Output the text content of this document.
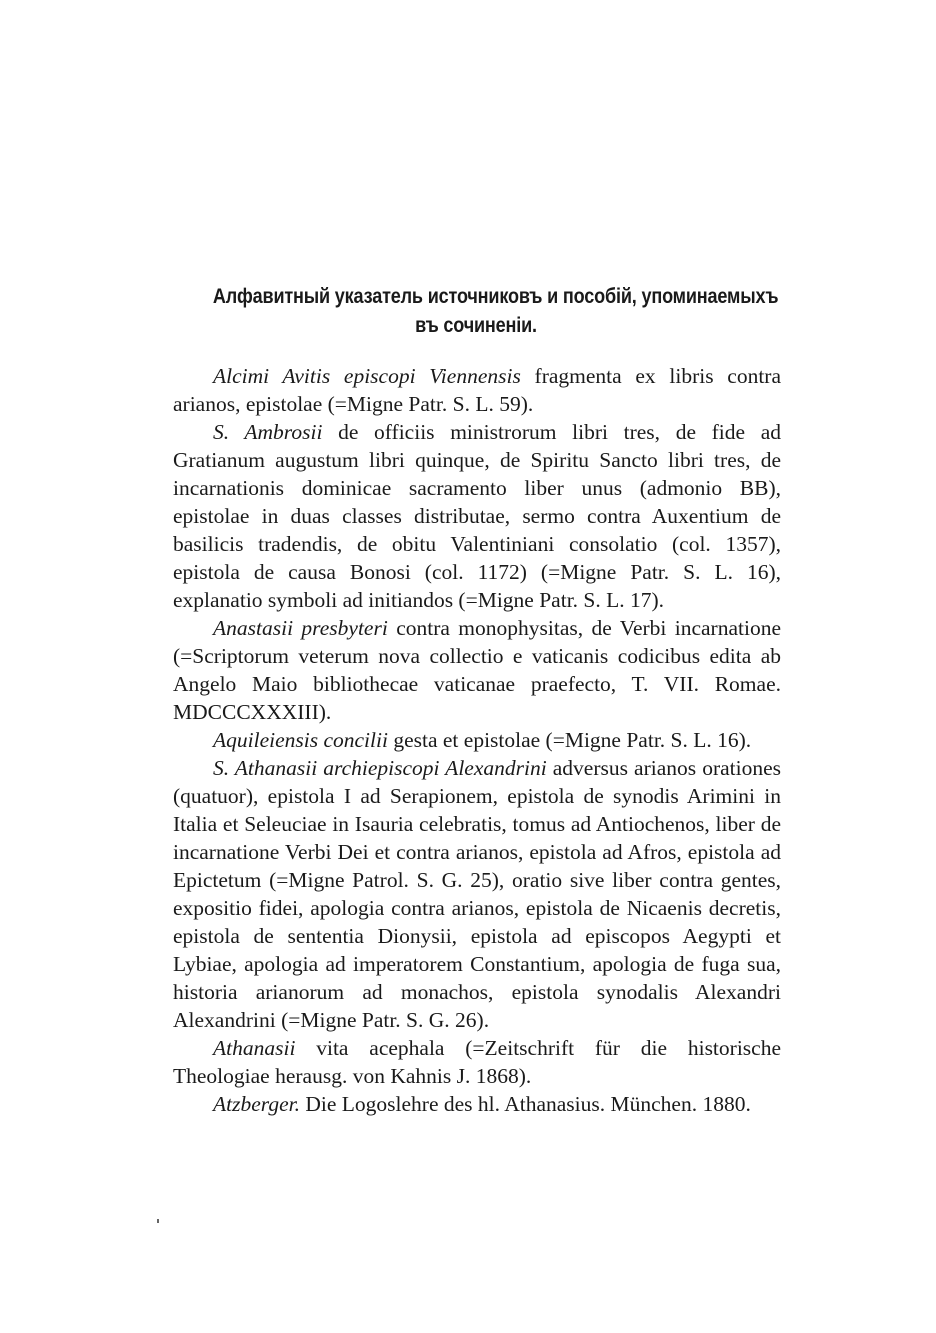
Алфавитный указатель источниковъ и пособій, упоминаемыхъ
въ сочиненіи.

Alcimi Avitis episcopi Viennensis fragmenta ex libris contra arianos, epistolae (=Migne Patr. S. L. 59).

S. Ambrosii de officiis ministrorum libri tres, de fide ad Gratianum augustum libri quinque, de Spiritu Sancto libri tres, de incarnationis dominicae sacramento liber unus (admonio BB), epistolae in duas classes distributae, sermo contra Auxentium de basilicis tradendis, de obitu Valentiniani consolatio (col. 1357), epistola de causa Bonosi (col. 1172) (=Migne Patr. S. L. 16), explanatio symboli ad initiandos (=Migne Patr. S. L. 17).

Anastasii presbyteri contra monophysitas, de Verbi incarnatione (=Scriptorum veterum nova collectio e vaticanis codicibus edita ab Angelo Maio bibliothecae vaticanae praefecto, T. VII. Romae. MDCCCXXXIII).

Aquileiensis concilii gesta et epistolae (=Migne Patr. S. L. 16).

S. Athanasii archiepiscopi Alexandrini adversus arianos orationes (quatuor), epistola I ad Serapionem, epistola de synodis Arimini in Italia et Seleuciae in Isauria celebratis, tomus ad Antiochenos, liber de incarnatione Verbi Dei et contra arianos, epistola ad Afros, epistola ad Epictetum (=Migne Patrol. S. G. 25), oratio sive liber contra gentes, expositio fidei, apologia contra arianos, epistola de Nicaenis decretis, epistola de sententia Dionysii, epistola ad episcopos Aegypti et Lybiae, apologia ad imperatorem Constantium, apologia de fuga sua, historia arianorum ad monachos, epistola synodalis Alexandri Alexandrini (=Migne Patr. S. G. 26).

Athanasii vita acephala (=Zeitschrift für die historische Theologiae herausg. von Kahnis J. 1868).

Atzberger. Die Logoslehre des hl. Athanasius. München. 1880.
